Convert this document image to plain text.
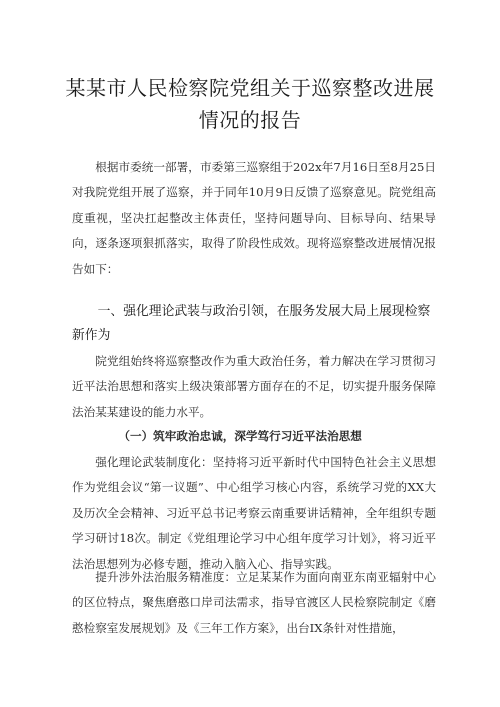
某某市人民检察院党组关于巡察整改进展
情况的报告

根据市委统一部署，市委第三巡察组于202x年7月16日至8月25日对我院党组开展了巡察，并于同年10月9日反馈了巡察意见。院党组高度重视，坚决扛起整改主体责任，坚持问题导向、目标导向、结果导向，逐条逐项狠抓落实，取得了阶段性成效。现将巡察整改进展情况报告如下：

一、强化理论武装与政治引领，在服务发展大局上展现检察新作为

院党组始终将巡察整改作为重大政治任务，着力解决在学习贯彻习近平法治思想和落实上级决策部署方面存在的不足，切实提升服务保障法治某某建设的能力水平。

（一）筑牢政治忠诚，深学笃行习近平法治思想

强化理论武装制度化：坚持将习近平新时代中国特色社会主义思想作为党组会议“第一议题”、中心组学习核心内容，系统学习党的XX大及历次全会精神、习近平总书记考察云南重要讲话精神，全年组织专题学习研讨18次。制定《党组理论学习中心组年度学习计划》，将习近平法治思想列为必修专题，推动入脑入心、指导实践。

提升涉外法治服务精准度：立足某某作为面向南亚东南亚辐射中心的区位特点，聚焦磨憨口岸司法需求，指导官渡区人民检察院制定《磨憨检察室发展规划》及《三年工作方案》，出台IX条针对性措施，
